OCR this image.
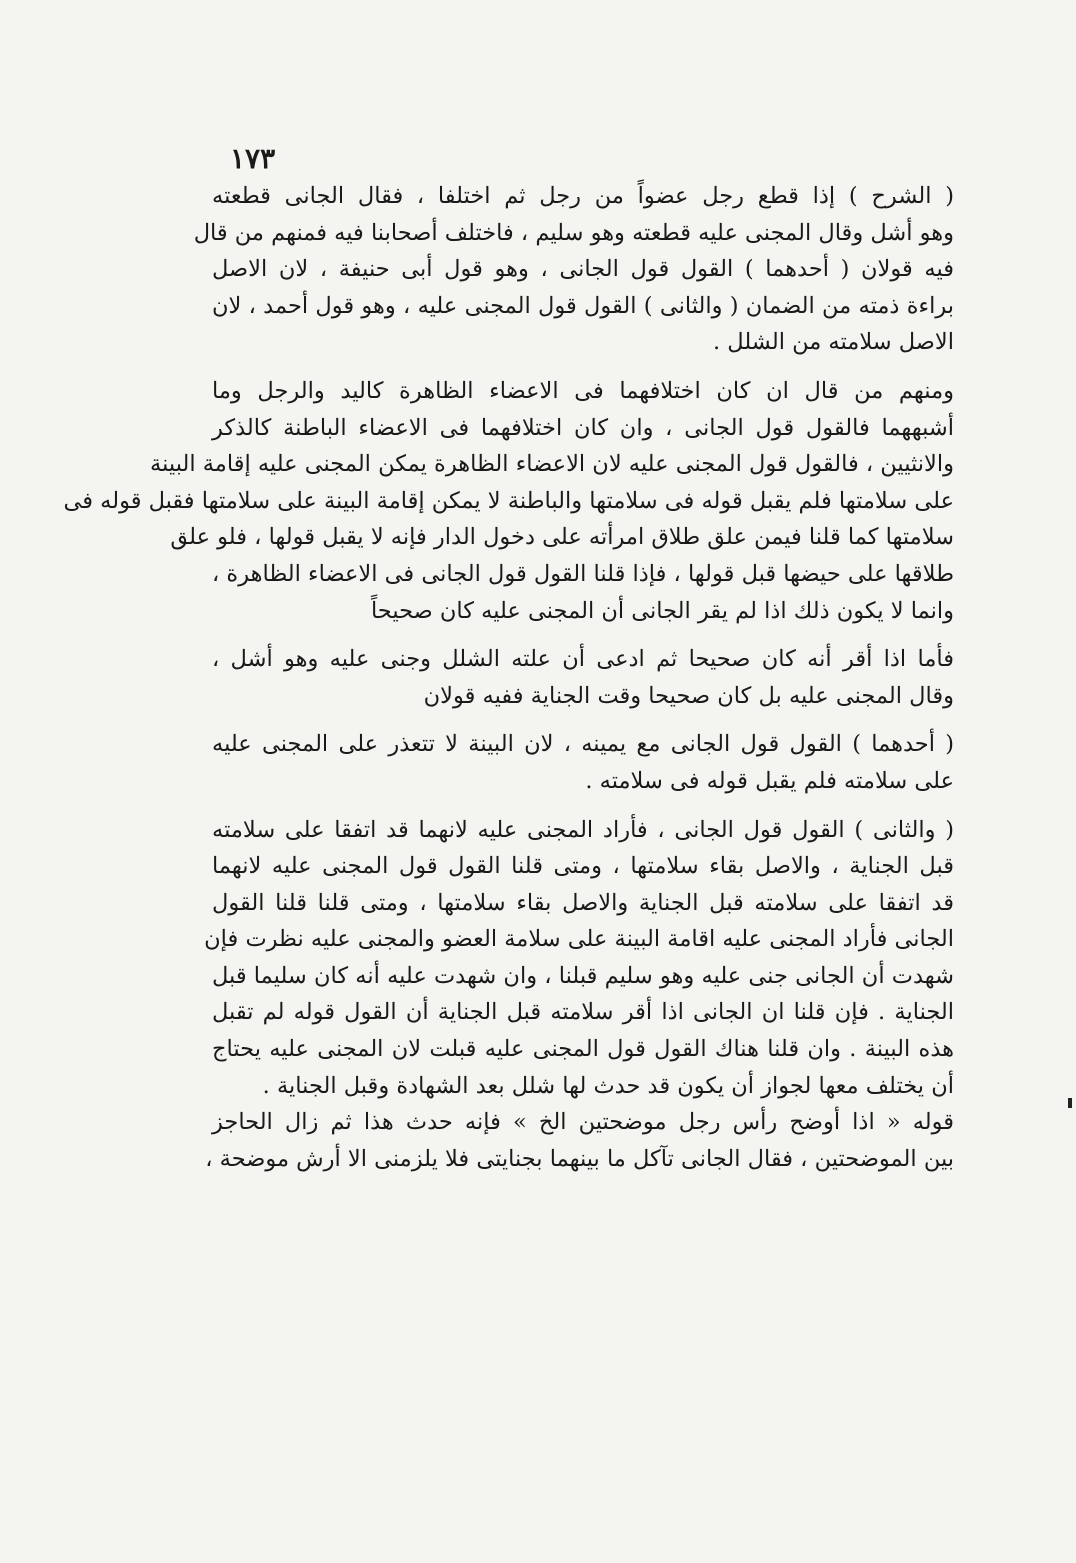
١٧٣
( الشرح ) إذا قطع رجل عضواً من رجل ثم اختلفا ، فقال الجانى قطعته
وهو أشل وقال المجنى عليه قطعته وهو سليم ، فاختلف أصحابنا فيه فمنهم من قال
فيه قولان ( أحدهما ) القول قول الجانى ، وهو قول أبى حنيفة ، لان الاصل
براءة ذمته من الضمان ( والثانى ) القول قول المجنى عليه ، وهو قول أحمد ، لان
الاصل سلامته من الشلل .
ومنهم من قال ان كان اختلافهما فى الاعضاء الظاهرة كاليد والرجل وما
أشبههما فالقول قول الجانى ، وان كان اختلافهما فى الاعضاء الباطنة كالذكر
والانثيين ، فالقول قول المجنى عليه لان الاعضاء الظاهرة يمكن المجنى عليه إقامة البينة
على سلامتها فلم يقبل قوله فى سلامتها والباطنة لا يمكن إقامة البينة على سلامتها فقبل قوله فى
سلامتها كما قلنا فيمن علق طلاق امرأته على دخول الدار فإنه لا يقبل قولها ، فلو علق
طلاقها على حيضها قبل قولها ، فإذا قلنا القول قول الجانى فى الاعضاء الظاهرة ،
وانما لا يكون ذلك اذا لم يقر الجانى أن المجنى عليه كان صحيحاً
فأما اذا أقر أنه كان صحيحا ثم ادعى أن علته الشلل وجنى عليه وهو أشل ،
وقال المجنى عليه بل كان صحيحا وقت الجناية ففيه قولان
( أحدهما ) القول قول الجانى مع يمينه ، لان البينة لا تتعذر على المجنى عليه
على سلامته فلم يقبل قوله فى سلامته .
( والثانى ) القول قول الجانى ، فأراد المجنى عليه لانهما قد اتفقا على سلامته
قبل الجناية ، والاصل بقاء سلامتها ، ومتى قلنا القول قول المجنى عليه لانهما
قد اتفقا على سلامته قبل الجناية والاصل بقاء سلامتها ، ومتى قلنا قلنا القول
الجانى فأراد المجنى عليه اقامة البينة على سلامة العضو والمجنى عليه نظرت فإن
شهدت أن الجانى جنى عليه وهو سليم قبلنا ، وان شهدت عليه أنه كان سليما قبل
الجناية . فإن قلنا ان الجانى اذا أقر سلامته قبل الجناية أن القول قوله لم تقبل
هذه البينة . وان قلنا هناك القول قول المجنى عليه قبلت لان المجنى عليه يحتاج
أن يختلف معها لجواز أن يكون قد حدث لها شلل بعد الشهادة وقبل الجناية .
قوله « اذا أوضح رأس رجل موضحتين الخ » فإنه حدث هذا ثم زال الحاجز
بين الموضحتين ، فقال الجانى تآكل ما بينهما بجنايتى فلا يلزمنى الا أرش موضحة ،
